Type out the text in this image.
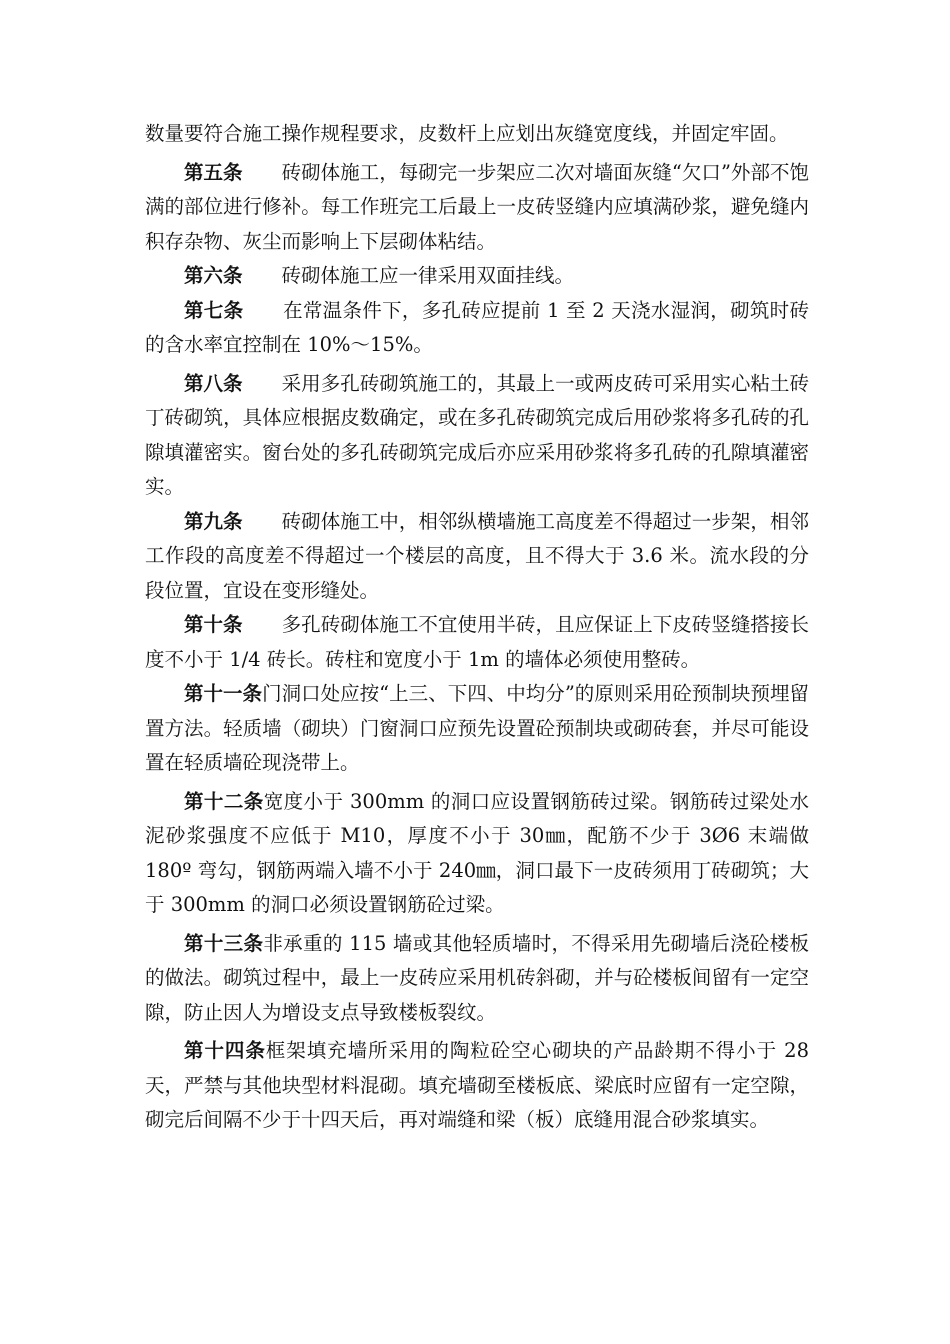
数量要符合施工操作规程要求，皮数杆上应划出灰缝宽度线，并固定牢固。

第五条 砖砌体施工，每砌完一步架应二次对墙面灰缝“欠口”外部不饱满的部位进行修补。每工作班完工后最上一皮砖竖缝内应填满砂浆，避免缝内积存杂物、灰尘而影响上下层砌体粘结。

第六条 砖砌体施工应一律采用双面挂线。

第七条 在常温条件下，多孔砖应提前 1 至 2 天浇水湿润，砌筑时砖的含水率宜控制在 10%～15%。

第八条 采用多孔砖砌筑施工的，其最上一或两皮砖可采用实心粘土砖丁砖砌筑，具体应根据皮数确定，或在多孔砖砌筑完成后用砂浆将多孔砖的孔隙填灌密实。窗台处的多孔砖砌筑完成后亦应采用砂浆将多孔砖的孔隙填灌密实。

第九条 砖砌体施工中，相邻纵横墙施工高度差不得超过一步架，相邻工作段的高度差不得超过一个楼层的高度，且不得大于 3.6 米。流水段的分段位置，宜设在变形缝处。

第十条 多孔砖砌体施工不宜使用半砖，且应保证上下皮砖竖缝搭接长度不小于 1/4 砖长。砖柱和宽度小于 1m 的墙体必须使用整砖。

第十一条门洞口处应按“上三、下四、中均分”的原则采用砼预制块预埋留置方法。轻质墙（砌块）门窗洞口应预先设置砼预制块或砌砖套，并尽可能设置在轻质墙砼现浇带上。

第十二条宽度小于 300mm 的洞口应设置钢筋砖过梁。钢筋砖过梁处水泥砂浆强度不应低于 M10，厚度不小于 30㎜，配筋不少于 3Ø6 末端做 180º 弯勾，钢筋两端入墙不小于 240㎜，洞口最下一皮砖须用丁砖砌筑；大于 300mm 的洞口必须设置钢筋砼过梁。

第十三条非承重的 115 墙或其他轻质墙时，不得采用先砌墙后浇砼楼板的做法。砌筑过程中，最上一皮砖应采用机砖斜砌，并与砼楼板间留有一定空隙，防止因人为增设支点导致楼板裂纹。

第十四条框架填充墙所采用的陶粒砼空心砌块的产品龄期不得小于 28 天，严禁与其他块型材料混砌。填充墙砌至楼板底、梁底时应留有一定空隙，砌完后间隔不少于十四天后，再对端缝和梁（板）底缝用混合砂浆填实。
